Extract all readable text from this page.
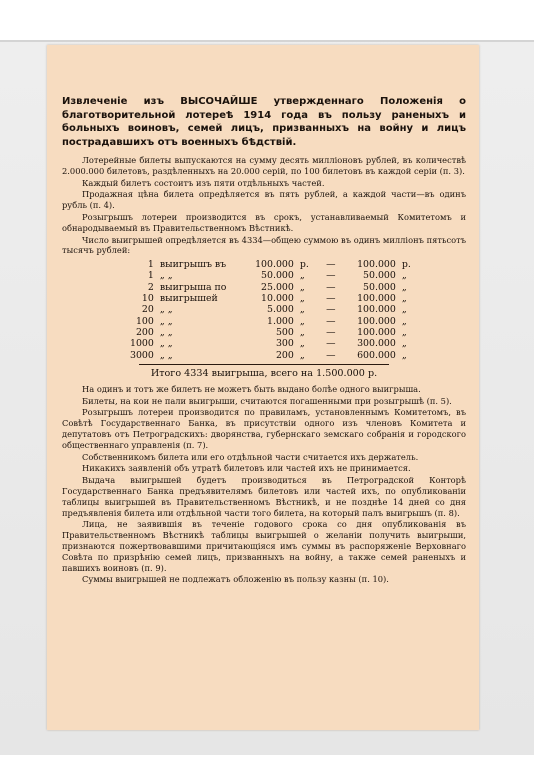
Извлеченіе изъ ВЫСОЧАЙШЕ утвержденнаго Положенія о благотворительной лотереѣ 1914 года въ пользу раненыхъ и больныхъ воиновъ, семей лицъ, призванныхъ на войну и лицъ пострадавшихъ отъ военныхъ бѣдствій.

Лотерейные билеты выпускаются на сумму десять милліоновъ рублей, въ количествѣ 2.000.000 билетовъ, раздѣленныхъ на 20.000 серій, по 100 билетовъ въ каждой серіи (п. 3).

Каждый билетъ состоитъ изъ пяти отдѣльныхъ частей.

Продажная цѣна билета опредѣляется въ пять рублей, а каждой части—въ одинъ рубль (п. 4).

Розыгрышъ лотереи производится въ срокъ, устанавливаемый Комитетомъ и обнародываемый въ Правительственномъ Вѣстникѣ.

Число выигрышей опредѣляется въ 4334—общею суммою въ одинъ милліонъ пятьсотъ тысячъ рублей:

1	выигрышъ въ	100.000	р.	—	100.000	р.
1	„ „	50.000	„	—	50.000	„
2	выигрыша по	25.000	„	—	50.000	„
10	выигрышей	10.000	„	—	100.000	„
20	„ „	5.000	„	—	100.000	„
100	„ „	1.000	„	—	100.000	„
200	„ „	500	„	—	100.000	„
1000	„ „	300	„	—	300.000	„
3000	„ „	200	„	—	600.000	„
Итого 4334 выигрыша, всего на 1.500.000 р.

На одинъ и тотъ же билетъ не можетъ быть выдано болѣе одного выигрыша.

Билеты, на кои не пали выигрыши, считаются погашенными при розыгрышѣ (п. 5).

Розыгрышъ лотереи производится по правиламъ, установленнымъ Комитетомъ, въ Совѣтѣ Государственнаго Банка, въ присутствіи одного изъ членовъ Комитета и депутатовъ отъ Петроградскихъ: дворянства, губернскаго земскаго собранія и городского общественнаго управленія (п. 7).

Собственникомъ билета или его отдѣльной части считается ихъ держатель.

Никакихъ заявленій объ утратѣ билетовъ или частей ихъ не принимается.

Выдача выигрышей будетъ производиться въ Петроградской Конторѣ Государственнаго Банка предъявителямъ билетовъ или частей ихъ, по опубликованіи таблицы выигрышей въ Правительственномъ Вѣстникѣ, и не позднѣе 14 дней со дня предъявленія билета или отдѣльной части того билета, на который палъ выигрышъ (п. 8).

Лица, не заявившія въ теченіе годового срока со дня опубликованія въ Правительственномъ Вѣстникѣ таблицы выигрышей о желаніи получить выигрыши, признаются пожертвовавшими причитающіяся имъ суммы въ распоряженіе Верховнаго Совѣта по призрѣнію семей лицъ, призванныхъ на войну, а также семей раненыхъ и павшихъ воиновъ (п. 9).

Суммы выигрышей не подлежатъ обложенію въ пользу казны (п. 10).
